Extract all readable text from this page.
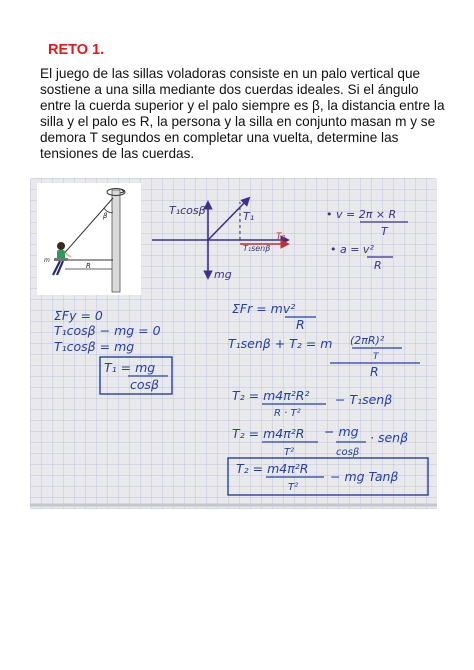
RETO 1.
El juego de las sillas voladoras consiste en un palo vertical que sostiene a una silla mediante dos cuerdas ideales. Si el ángulo entre la cuerda superior y el palo siempre es β, la distancia entre la silla y el palo es R, la persona y la silla en conjunto masan m y se demora T segundos en completar una vuelta, determine las tensiones de las cuerdas.
β
R
m
T₁cosβ	T₁
T₁senβ
T₂
mg
• v = 2π × R
T
• a = v²
R
ΣFy = 0
T₁cosβ − mg = 0
T₁cosβ = mg
T₁ = mg
cosβ
ΣFr = mv²
R
T₁senβ + T₂ = m (2πR)²
T
R
T₂ = m4π²R²
R · T²
− T₁senβ
T₂ = m4π²R
T²
− mg
cosβ
· senβ
T₂ = m4π²R
T²
− mg Tanβ
